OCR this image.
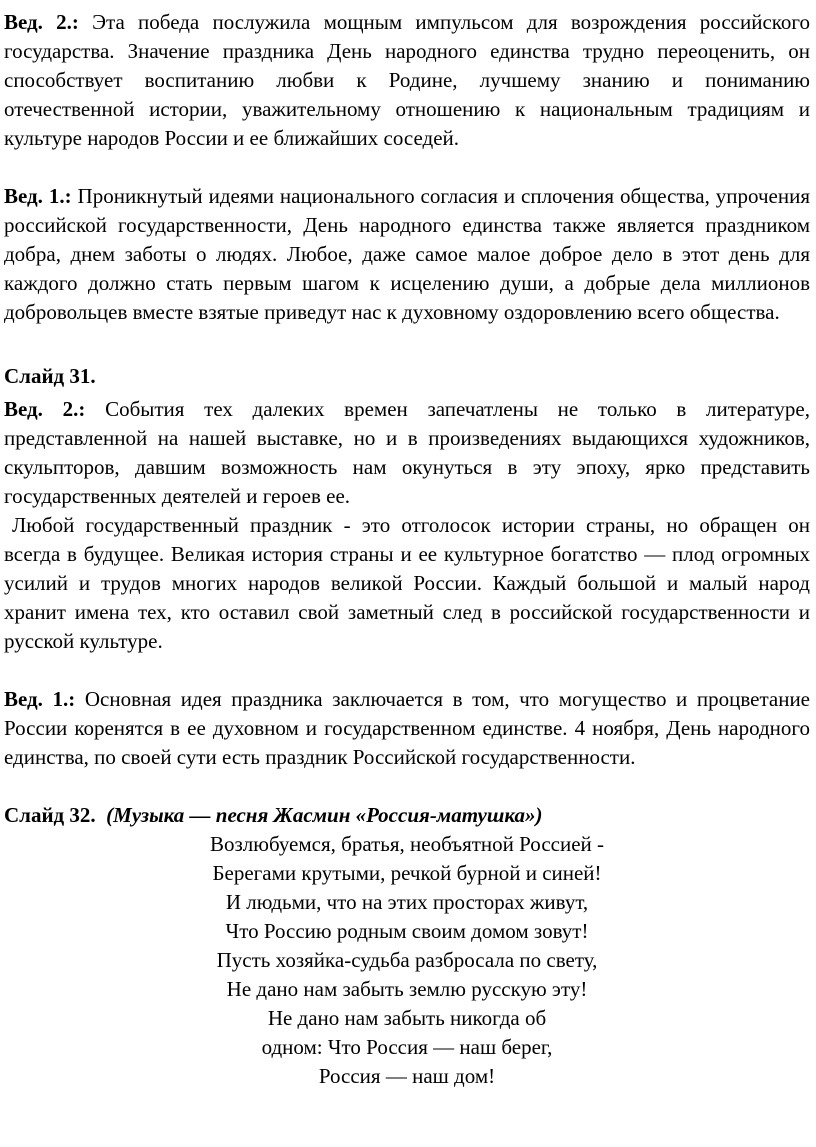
Вед. 2.: Эта победа послужила мощным импульсом для возрождения российского государства. Значение праздника День народного единства трудно переоценить, он способствует воспитанию любви к Родине, лучшему знанию и пониманию отечественной истории, уважительному отношению к национальным традициям и культуре народов России и ее ближайших соседей.

Вед. 1.: Проникнутый идеями национального согласия и сплочения общества, упрочения российской государственности, День народного единства также является праздником добра, днем заботы о людях. Любое, даже самое малое доброе дело в этот день для каждого должно стать первым шагом к исцелению души, а добрые дела миллионов добровольцев вместе взятые приведут нас к духовному оздоровлению всего общества.

Слайд 31.

Вед. 2.: События тех далеких времен запечатлены не только в литературе, представленной на нашей выставке, но и в произведениях выдающихся художников, скульпторов, давшим возможность нам окунуться в эту эпоху, ярко представить государственных деятелей и героев ее.

Любой государственный праздник - это отголосок истории страны, но обращен он всегда в будущее. Великая история страны и ее культурное богатство — плод огромных усилий и трудов многих народов великой России. Каждый большой и малый народ хранит имена тех, кто оставил свой заметный след в российской государственности и русской культуре.

Вед. 1.: Основная идея праздника заключается в том, что могущество и процветание России коренятся в ее духовном и государственном единстве. 4 ноября, День народного единства, по своей сути есть праздник Российской государственности.

Слайд 32. (Музыка — песня Жасмин «Россия-матушка»)

Возлюбуемся, братья, необъятной Россией -
Берегами крутыми, речкой бурной и синей!
И людьми, что на этих просторах живут,
Что Россию родным своим домом зовут!
Пусть хозяйка-судьба разбросала по свету,
Не дано нам забыть землю русскую эту!
Не дано нам забыть никогда об
одном: Что Россия — наш берег,
Россия — наш дом!
